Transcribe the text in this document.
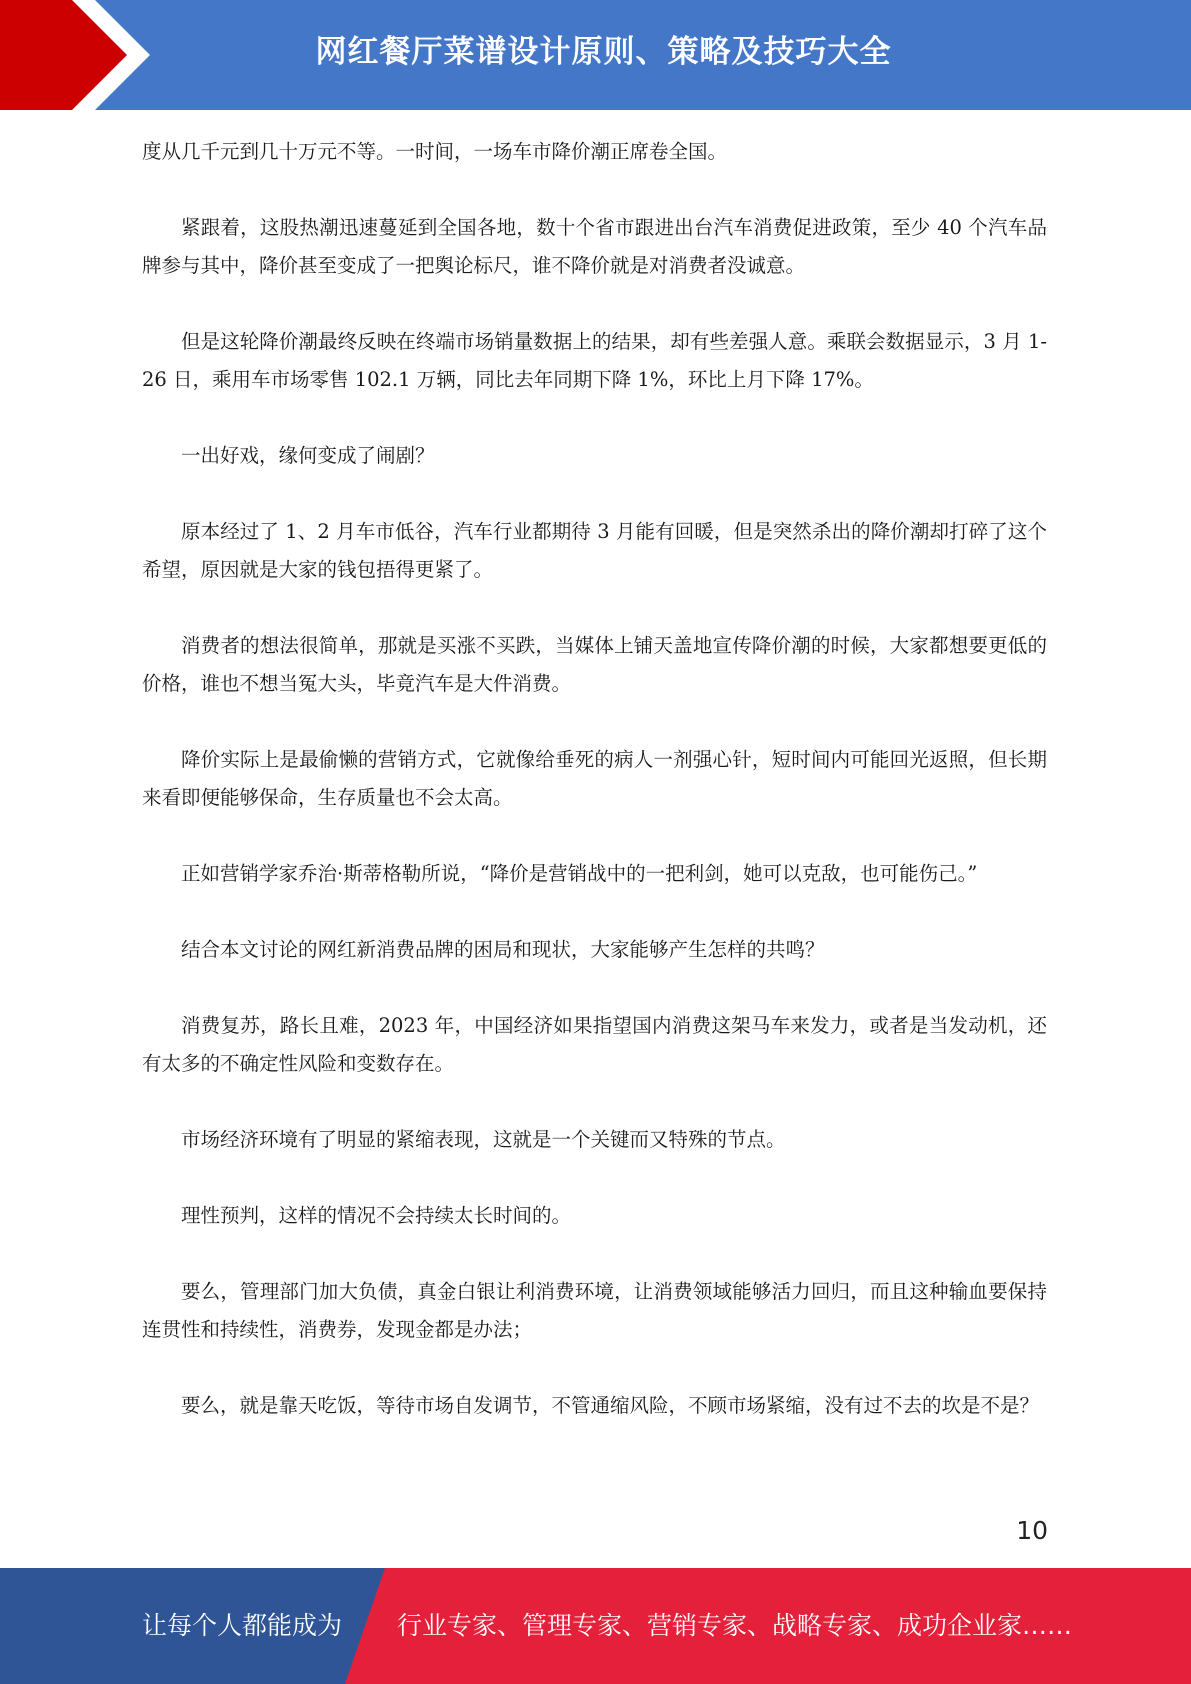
网红餐厅菜谱设计原则、策略及技巧大全

度从几千元到几十万元不等。一时间，一场车市降价潮正席卷全国。

紧跟着，这股热潮迅速蔓延到全国各地，数十个省市跟进出台汽车消费促进政策，至少 40 个汽车品牌参与其中，降价甚至变成了一把舆论标尺，谁不降价就是对消费者没诚意。

但是这轮降价潮最终反映在终端市场销量数据上的结果，却有些差强人意。乘联会数据显示，3 月 1-26 日，乘用车市场零售 102.1 万辆，同比去年同期下降 1%，环比上月下降 17%。

一出好戏，缘何变成了闹剧？

原本经过了 1、2 月车市低谷，汽车行业都期待 3 月能有回暖，但是突然杀出的降价潮却打碎了这个希望，原因就是大家的钱包捂得更紧了。

消费者的想法很简单，那就是买涨不买跌，当媒体上铺天盖地宣传降价潮的时候，大家都想要更低的价格，谁也不想当冤大头，毕竟汽车是大件消费。

降价实际上是最偷懒的营销方式，它就像给垂死的病人一剂强心针，短时间内可能回光返照，但长期来看即便能够保命，生存质量也不会太高。

正如营销学家乔治·斯蒂格勒所说，“降价是营销战中的一把利剑，她可以克敌，也可能伤己。”

结合本文讨论的网红新消费品牌的困局和现状，大家能够产生怎样的共鸣？

消费复苏，路长且难，2023 年，中国经济如果指望国内消费这架马车来发力，或者是当发动机，还有太多的不确定性风险和变数存在。

市场经济环境有了明显的紧缩表现，这就是一个关键而又特殊的节点。

理性预判，这样的情况不会持续太长时间的。

要么，管理部门加大负债，真金白银让利消费环境，让消费领域能够活力回归，而且这种输血要保持连贯性和持续性，消费券，发现金都是办法；

要么，就是靠天吃饭，等待市场自发调节，不管通缩风险，不顾市场紧缩，没有过不去的坎是不是？

10
让每个人都能成为 行业专家、管理专家、营销专家、战略专家、成功企业家……
